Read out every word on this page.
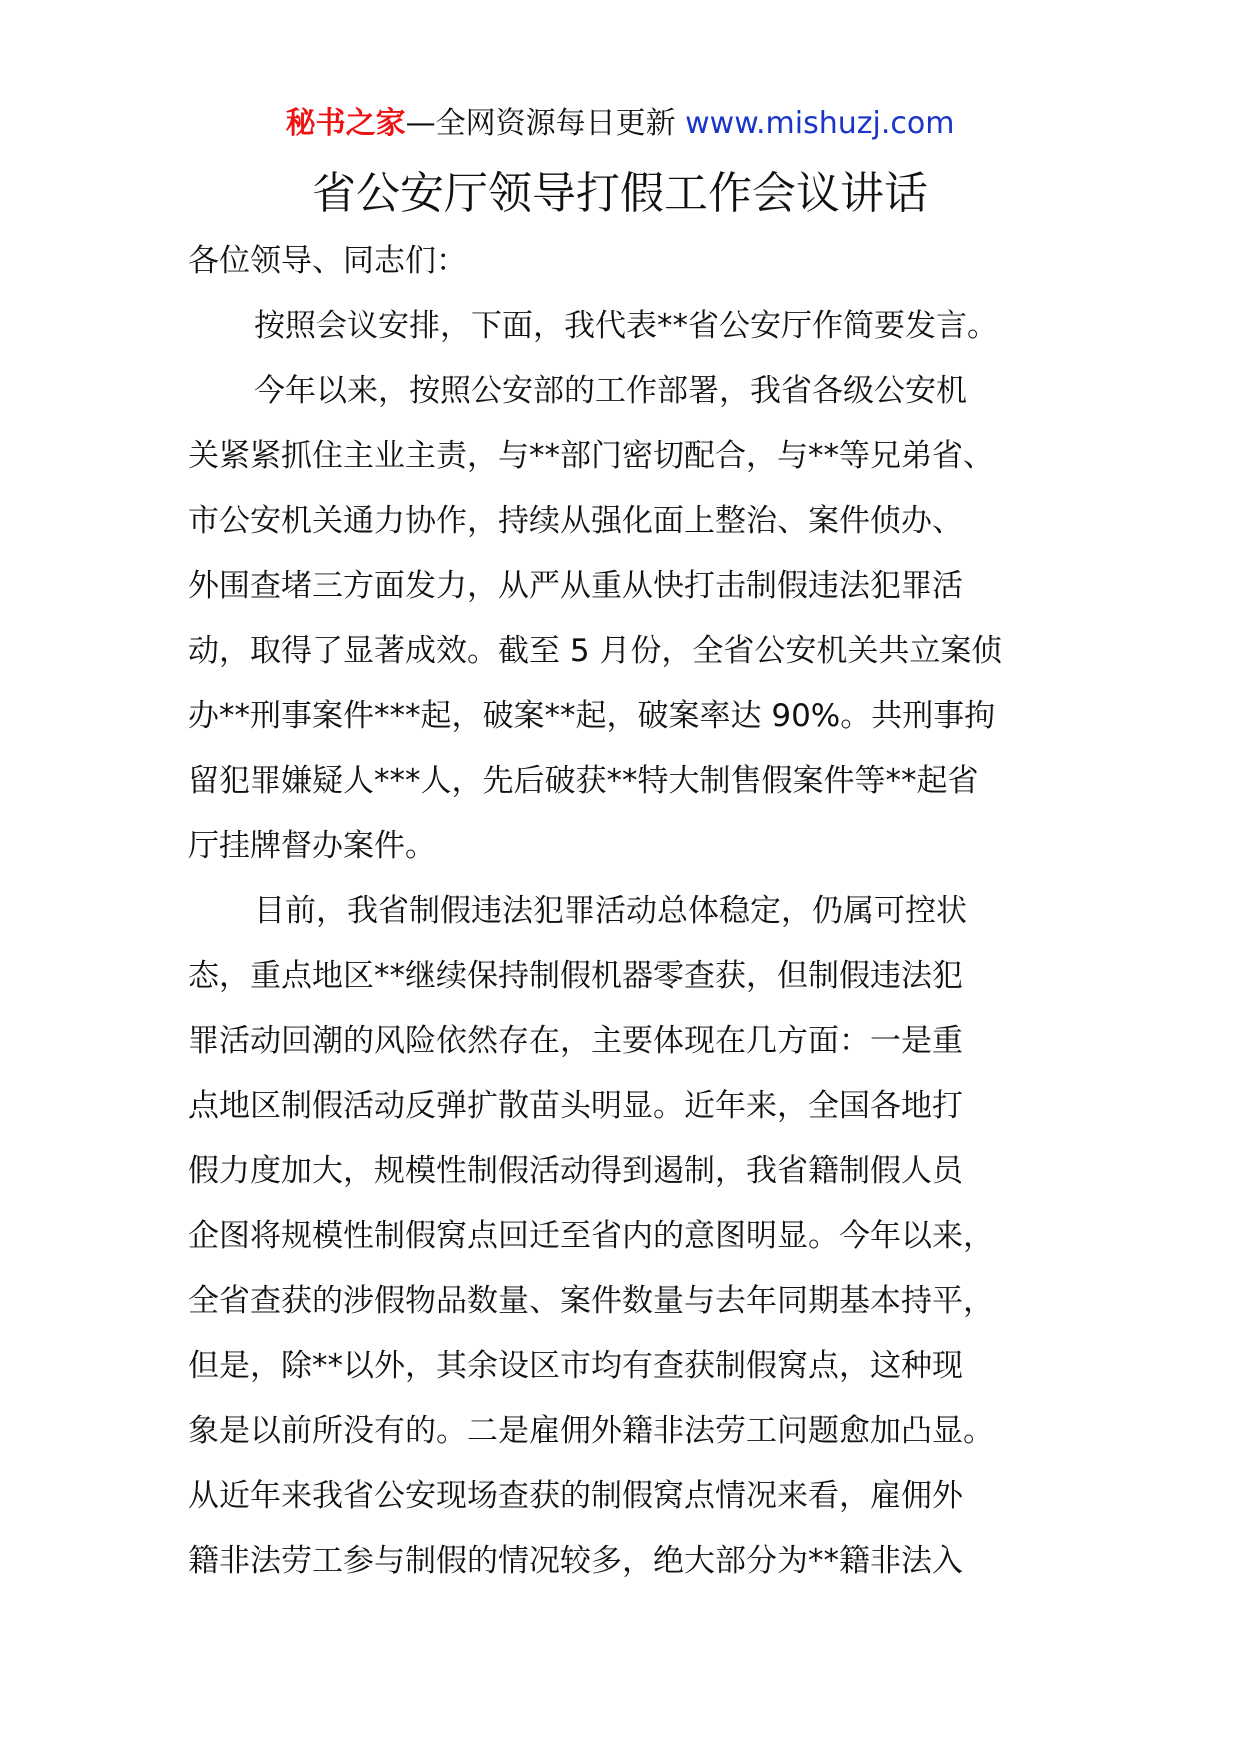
秘书之家—全网资源每日更新 www.mishuzj.com
省公安厅领导打假工作会议讲话
各位领导、同志们：
按照会议安排，下面，我代表**省公安厅作简要发言。
今年以来，按照公安部的工作部署，我省各级公安机
关紧紧抓住主业主责，与**部门密切配合，与**等兄弟省、
市公安机关通力协作，持续从强化面上整治、案件侦办、
外围查堵三方面发力，从严从重从快打击制假违法犯罪活
动，取得了显著成效。截至 5 月份，全省公安机关共立案侦
办**刑事案件***起，破案**起，破案率达 90%。共刑事拘
留犯罪嫌疑人***人，先后破获**特大制售假案件等**起省
厅挂牌督办案件。
目前，我省制假违法犯罪活动总体稳定，仍属可控状
态，重点地区**继续保持制假机器零查获，但制假违法犯
罪活动回潮的风险依然存在，主要体现在几方面：一是重
点地区制假活动反弹扩散苗头明显。近年来，全国各地打
假力度加大，规模性制假活动得到遏制，我省籍制假人员
企图将规模性制假窝点回迁至省内的意图明显。今年以来，
全省查获的涉假物品数量、案件数量与去年同期基本持平，
但是，除**以外，其余设区市均有查获制假窝点，这种现
象是以前所没有的。二是雇佣外籍非法劳工问题愈加凸显。
从近年来我省公安现场查获的制假窝点情况来看，雇佣外
籍非法劳工参与制假的情况较多，绝大部分为**籍非法入
